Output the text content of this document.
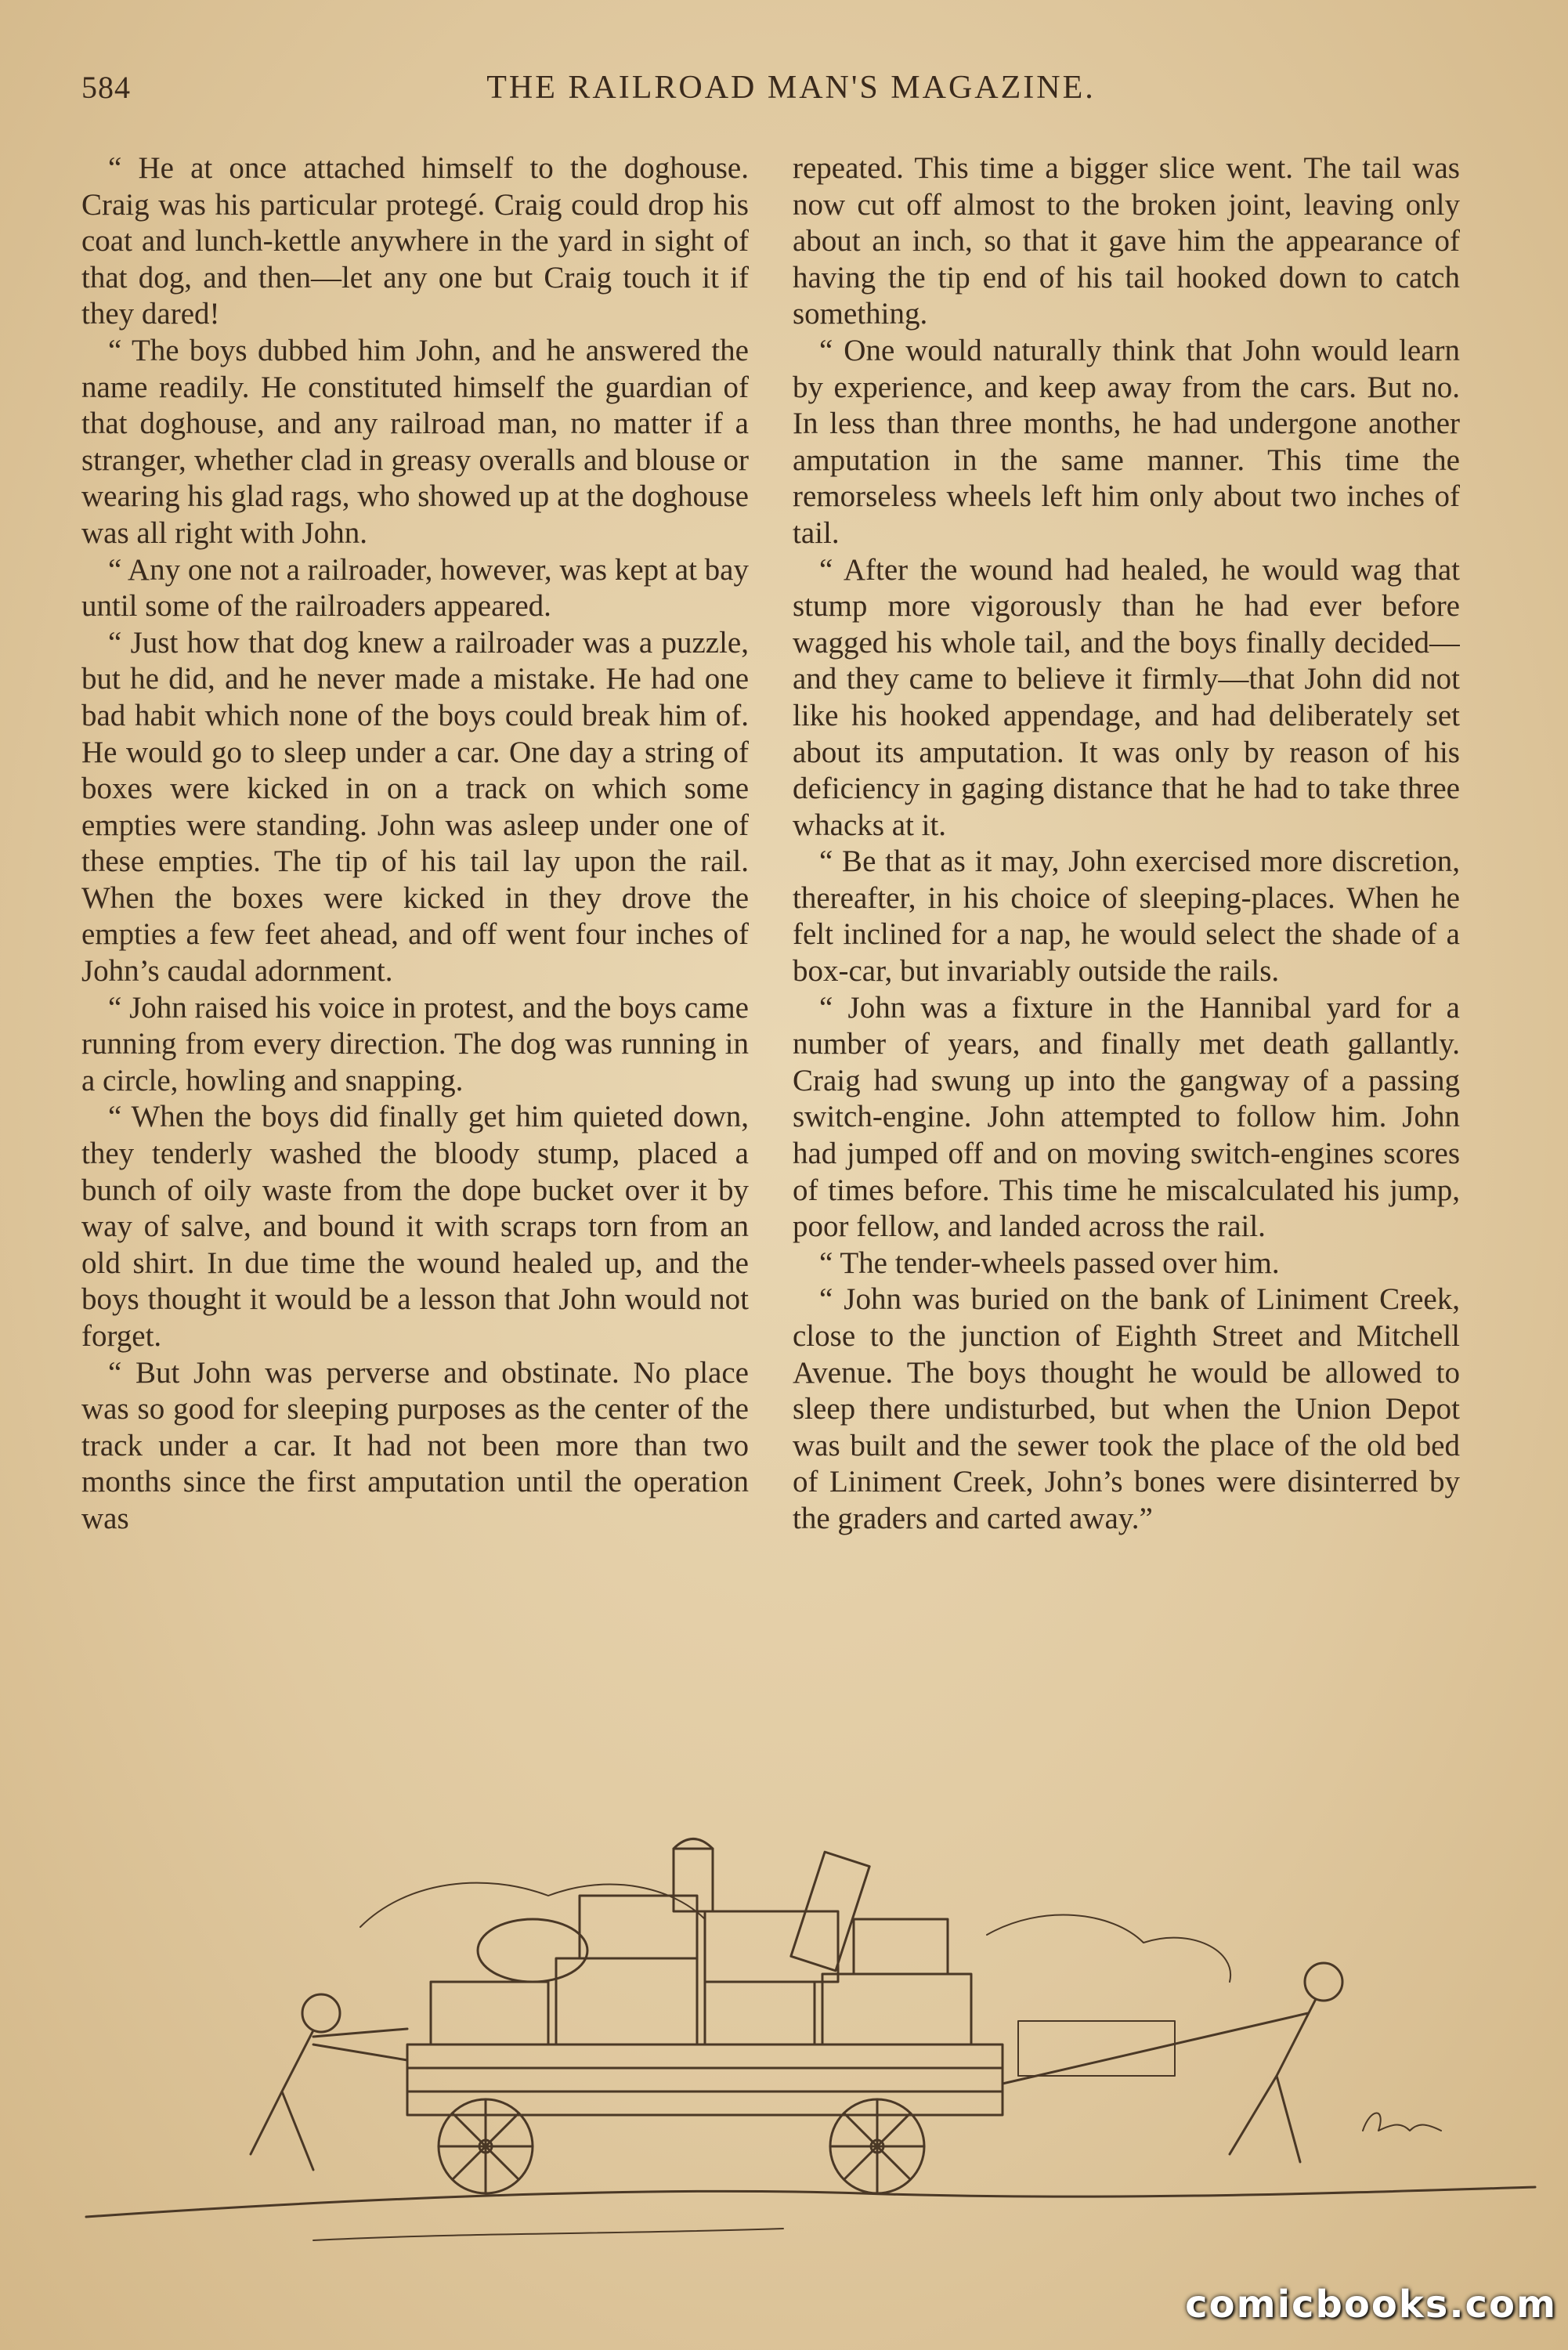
584	THE RAILROAD MAN'S MAGAZINE.

“ He at once attached himself to the doghouse. Craig was his particular protegé. Craig could drop his coat and lunch-kettle anywhere in the yard in sight of that dog, and then—let any one but Craig touch it if they dared!

“ The boys dubbed him John, and he answered the name readily. He constituted himself the guardian of that doghouse, and any railroad man, no matter if a stranger, whether clad in greasy overalls and blouse or wearing his glad rags, who showed up at the doghouse was all right with John.

“ Any one not a railroader, however, was kept at bay until some of the railroaders appeared.

“ Just how that dog knew a railroader was a puzzle, but he did, and he never made a mistake. He had one bad habit which none of the boys could break him of. He would go to sleep under a car. One day a string of boxes were kicked in on a track on which some empties were standing. John was asleep under one of these empties. The tip of his tail lay upon the rail. When the boxes were kicked in they drove the empties a few feet ahead, and off went four inches of John’s caudal adornment.

“ John raised his voice in protest, and the boys came running from every direction. The dog was running in a circle, howling and snapping.

“ When the boys did finally get him quieted down, they tenderly washed the bloody stump, placed a bunch of oily waste from the dope bucket over it by way of salve, and bound it with scraps torn from an old shirt. In due time the wound healed up, and the boys thought it would be a lesson that John would not forget.

“ But John was perverse and obstinate. No place was so good for sleeping purposes as the center of the track under a car. It had not been more than two months since the first amputation until the operation was

repeated. This time a bigger slice went. The tail was now cut off almost to the broken joint, leaving only about an inch, so that it gave him the appearance of having the tip end of his tail hooked down to catch something.

“ One would naturally think that John would learn by experience, and keep away from the cars. But no. In less than three months, he had undergone another amputation in the same manner. This time the remorseless wheels left him only about two inches of tail.

“ After the wound had healed, he would wag that stump more vigorously than he had ever before wagged his whole tail, and the boys finally decided—and they came to believe it firmly—that John did not like his hooked appendage, and had deliberately set about its amputation. It was only by reason of his deficiency in gaging distance that he had to take three whacks at it.

“ Be that as it may, John exercised more discretion, thereafter, in his choice of sleeping-places. When he felt inclined for a nap, he would select the shade of a box-car, but invariably outside the rails.

“ John was a fixture in the Hannibal yard for a number of years, and finally met death gallantly. Craig had swung up into the gangway of a passing switch-engine. John attempted to follow him. John had jumped off and on moving switch-engines scores of times before. This time he miscalculated his jump, poor fellow, and landed across the rail.

“ The tender-wheels passed over him.

“ John was buried on the bank of Liniment Creek, close to the junction of Eighth Street and Mitchell Avenue. The boys thought he would be allowed to sleep there undisturbed, but when the Union Depot was built and the sewer took the place of the old bed of Liniment Creek, John’s bones were disinterred by the graders and carted away.”

comicbooks.com
